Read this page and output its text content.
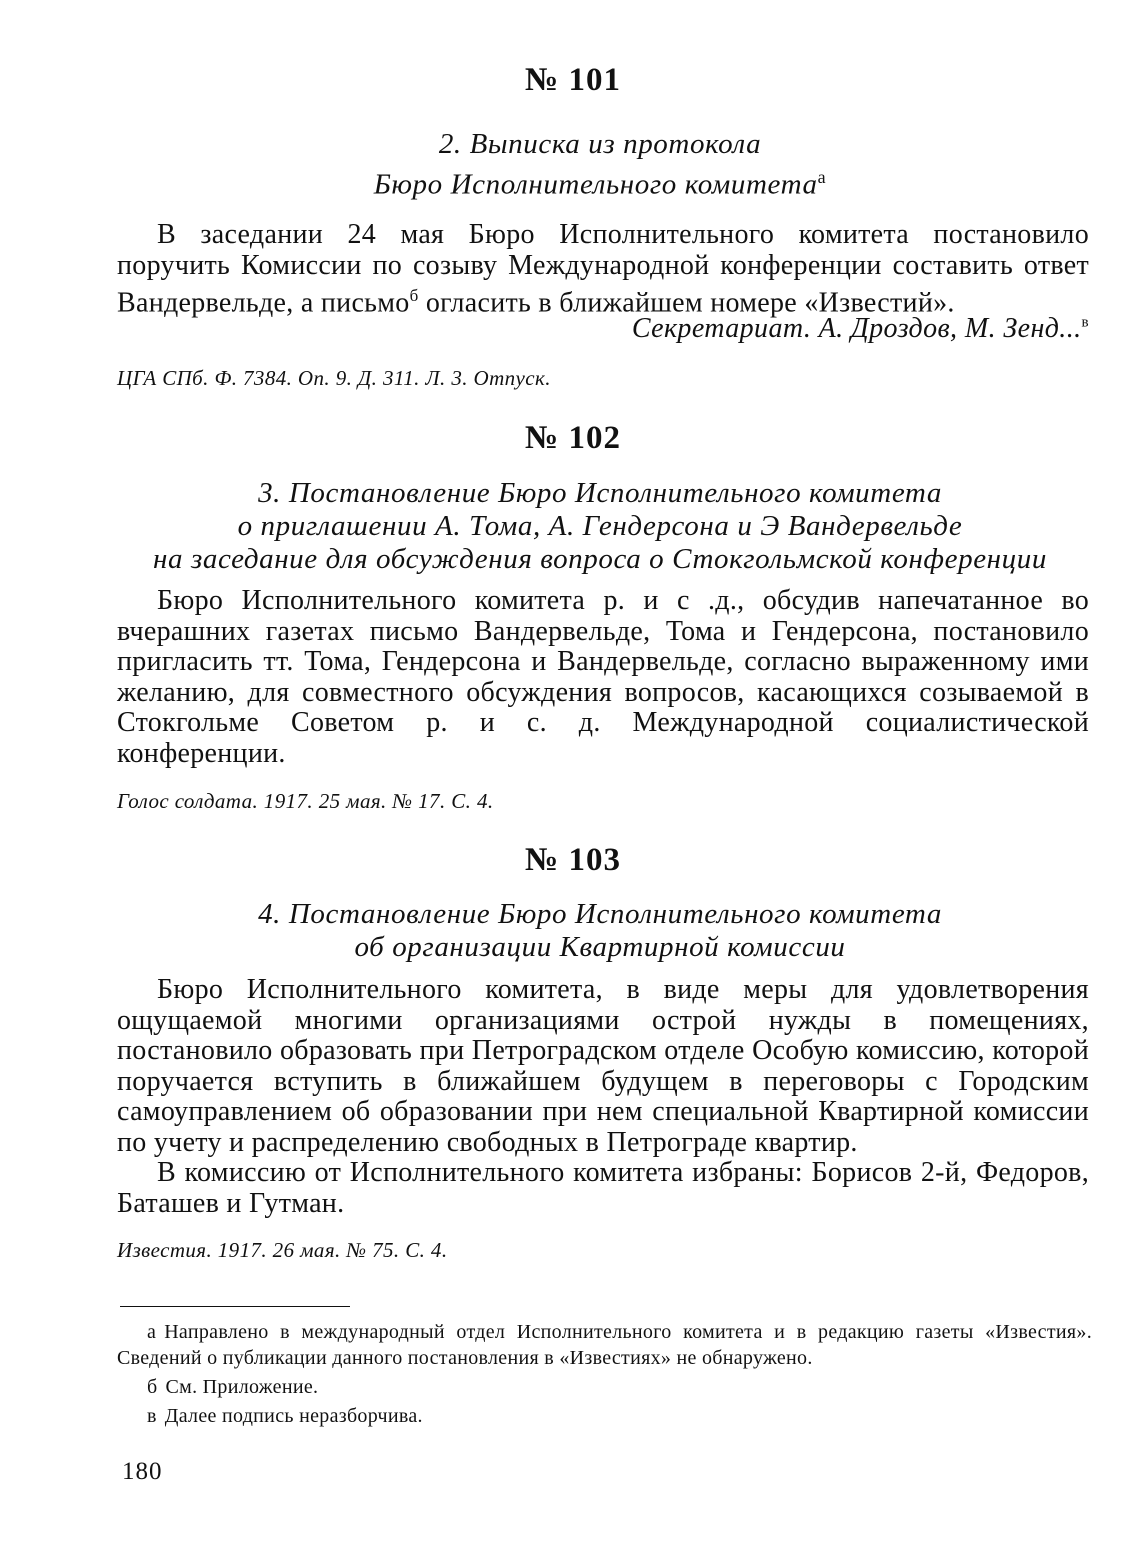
№ 101
2. Выписка из протокола
Бюро Исполнительного комитета$^а$

В заседании 24 мая Бюро Исполнительного комитета постановило поручить Комиссии по созыву Международной конференции составить ответ Вандервельде, а письмо$^б$ огласить в ближайшем номере «Известий».

Секретариат. А. Дроздов, М. Зенд...$^в$
ЦГА СПб. Ф. 7384. Оп. 9. Д. 311. Л. 3. Отпуск.
№ 102
3. Постановление Бюро Исполнительного комитета
о приглашении А. Тома, А. Гендерсона и Э Вандервельде
на заседание для обсуждения вопроса о Стокгольмской конференции

Бюро Исполнительного комитета р. и с .д., обсудив напечатанное во вчерашних газетах письмо Вандервельде, Тома и Гендерсона, постановило пригласить тт. Тома, Гендерсона и Вандервельде, согласно выраженному ими желанию, для совместного обсуждения вопросов, касающихся созываемой в Стокгольме Советом р. и с. д. Международной социалистической конференции.

Голос солдата. 1917. 25 мая. № 17. С. 4.
№ 103
4. Постановление Бюро Исполнительного комитета
об организации Квартирной комиссии

Бюро Исполнительного комитета, в виде меры для удовлетворения ощущаемой многими организациями острой нужды в помещениях, постановило образовать при Петроградском отделе Особую комиссию, которой поручается вступить в ближайшем будущем в переговоры с Городским самоуправлением об образовании при нем специальной Квартирной комиссии по учету и распределению свободных в Петрограде квартир.

В комиссию от Исполнительного комитета избраны: Борисов 2-й, Федоров, Баташев и Гутман.

Известия. 1917. 26 мая. № 75. С. 4.

а Направлено в международный отдел Исполнительного комитета и в редакцию газеты «Известия». Сведений о публикации данного постановления в «Известиях» не обнаружено.

б См. Приложение.

в Далее подпись неразборчива.

180
